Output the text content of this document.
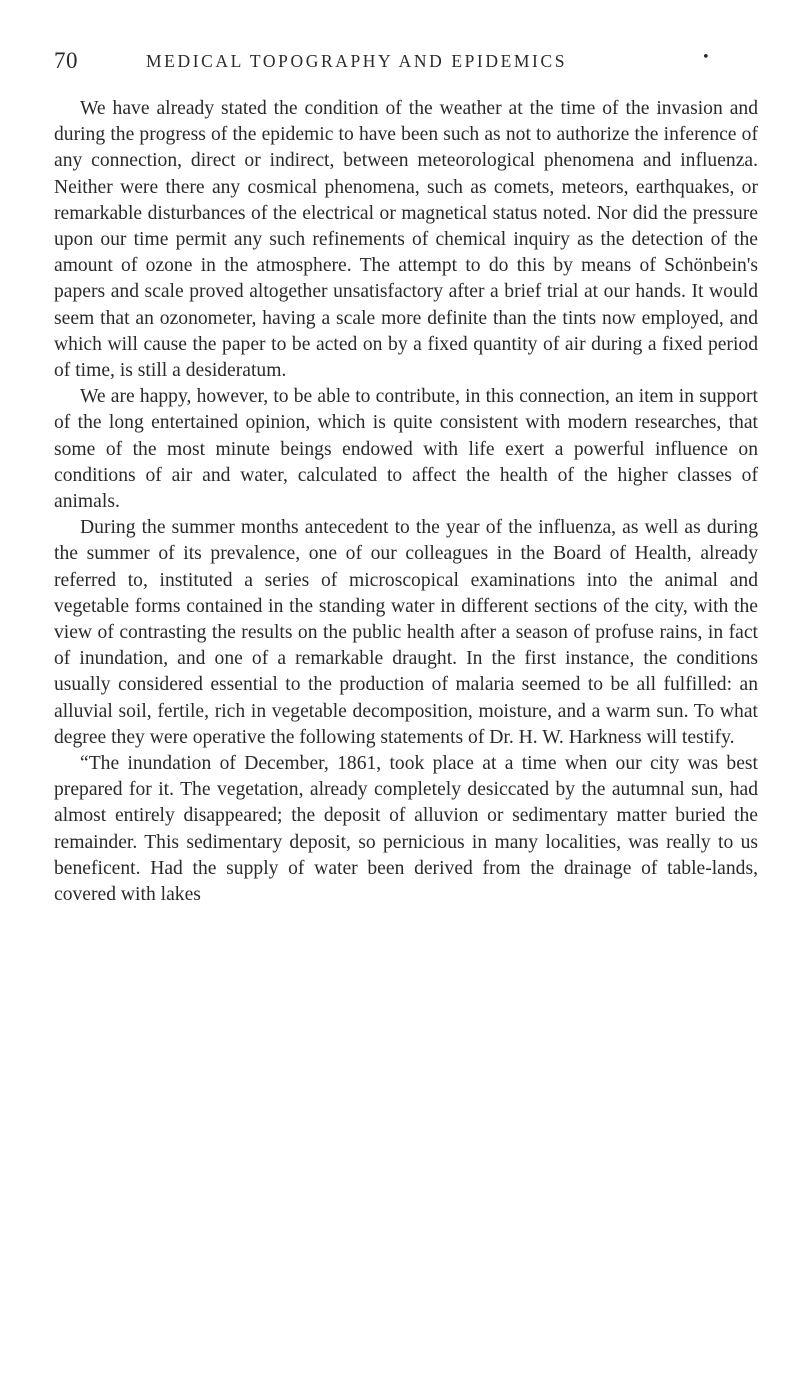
70	MEDICAL TOPOGRAPHY AND EPIDEMICS	•

We have already stated the condition of the weather at the time of the invasion and during the progress of the epidemic to have been such as not to authorize the inference of any connection, direct or indirect, between meteorological phenomena and influenza. Neither were there any cosmical phenomena, such as comets, meteors, earthquakes, or remarkable disturbances of the electrical or magnetical status noted. Nor did the pressure upon our time permit any such refinements of chemical inquiry as the detection of the amount of ozone in the atmosphere. The attempt to do this by means of Schönbein's papers and scale proved altogether unsatisfactory after a brief trial at our hands. It would seem that an ozonometer, having a scale more definite than the tints now employed, and which will cause the paper to be acted on by a fixed quantity of air during a fixed period of time, is still a desideratum.

We are happy, however, to be able to contribute, in this connection, an item in support of the long entertained opinion, which is quite consistent with modern researches, that some of the most minute beings endowed with life exert a powerful influence on conditions of air and water, calculated to affect the health of the higher classes of animals.

During the summer months antecedent to the year of the influenza, as well as during the summer of its prevalence, one of our colleagues in the Board of Health, already referred to, instituted a series of microscopical examinations into the animal and vegetable forms contained in the standing water in different sections of the city, with the view of contrasting the results on the public health after a season of profuse rains, in fact of inundation, and one of a remarkable draught. In the first instance, the conditions usually considered essential to the production of malaria seemed to be all fulfilled: an alluvial soil, fertile, rich in vegetable decomposition, moisture, and a warm sun. To what degree they were operative the following statements of Dr. H. W. Harkness will testify.

“The inundation of December, 1861, took place at a time when our city was best prepared for it. The vegetation, already completely desiccated by the autumnal sun, had almost entirely disappeared; the deposit of alluvion or sedimentary matter buried the remainder. This sedimentary deposit, so pernicious in many localities, was really to us beneficent. Had the supply of water been derived from the drainage of table-lands, covered with lakes
